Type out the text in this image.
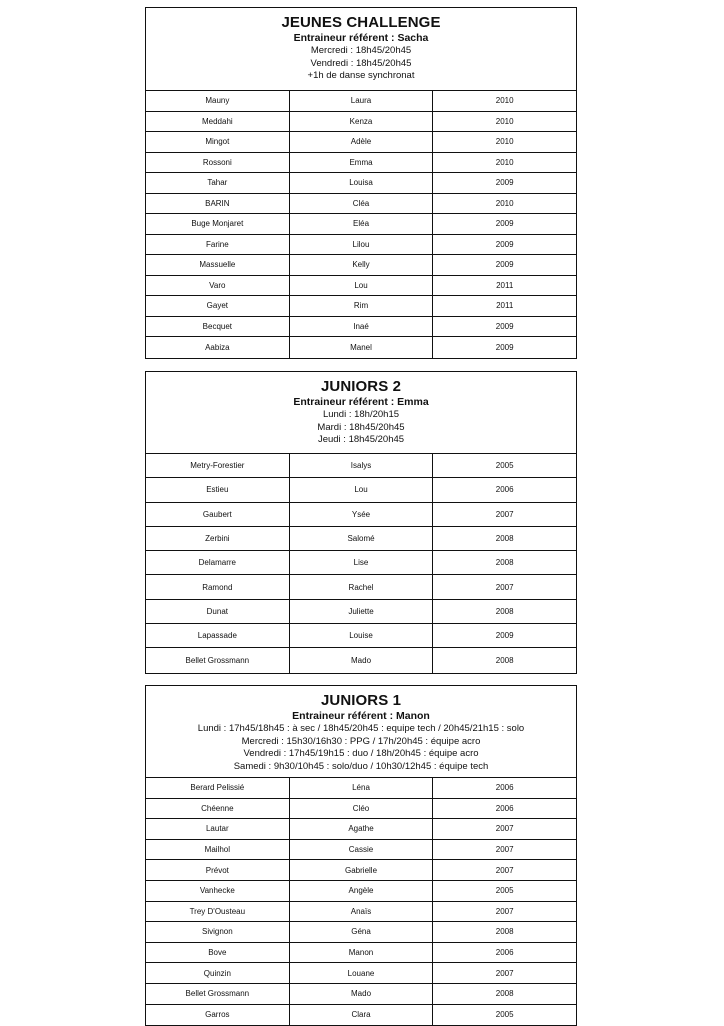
JEUNES CHALLENGE
Entraineur référent : Sacha
Mercredi : 18h45/20h45
Vendredi : 18h45/20h45
+1h de danse synchronat
Mauny	Laura	2010
Meddahi	Kenza	2010
Mingot	Adèle	2010
Rossoni	Emma	2010
Tahar	Louisa	2009
BARIN	Cléa	2010
Buge Monjaret	Eléa	2009
Farine	Lilou	2009
Massuelle	Kelly	2009
Varo	Lou	2011
Gayet	Rim	2011
Becquet	Inaé	2009
Aabiza	Manel	2009
JUNIORS 2
Entraineur référent : Emma
Lundi : 18h/20h15
Mardi : 18h45/20h45
Jeudi : 18h45/20h45
Metry-Forestier	Isalys	2005
Estieu	Lou	2006
Gaubert	Ysée	2007
Zerbini	Salomé	2008
Delamarre	Lise	2008
Ramond	Rachel	2007
Dunat	Juliette	2008
Lapassade	Louise	2009
Bellet Grossmann	Mado	2008
JUNIORS 1
Entraineur référent : Manon
Lundi : 17h45/18h45 : à sec / 18h45/20h45 : equipe tech / 20h45/21h15 : solo
Mercredi : 15h30/16h30 : PPG / 17h/20h45 : équipe acro
Vendredi : 17h45/19h15 : duo / 18h/20h45 : équipe acro
Samedi : 9h30/10h45 : solo/duo / 10h30/12h45 : équipe tech
Berard Pelissié	Léna	2006
Chéenne	Cléo	2006
Lautar	Agathe	2007
Mailhol	Cassie	2007
Prévot	Gabrielle	2007
Vanhecke	Angèle	2005
Trey D'Ousteau	Anaïs	2007
Sivignon	Géna	2008
Bove	Manon	2006
Quinzin	Louane	2007
Bellet Grossmann	Mado	2008
Garros	Clara	2005
